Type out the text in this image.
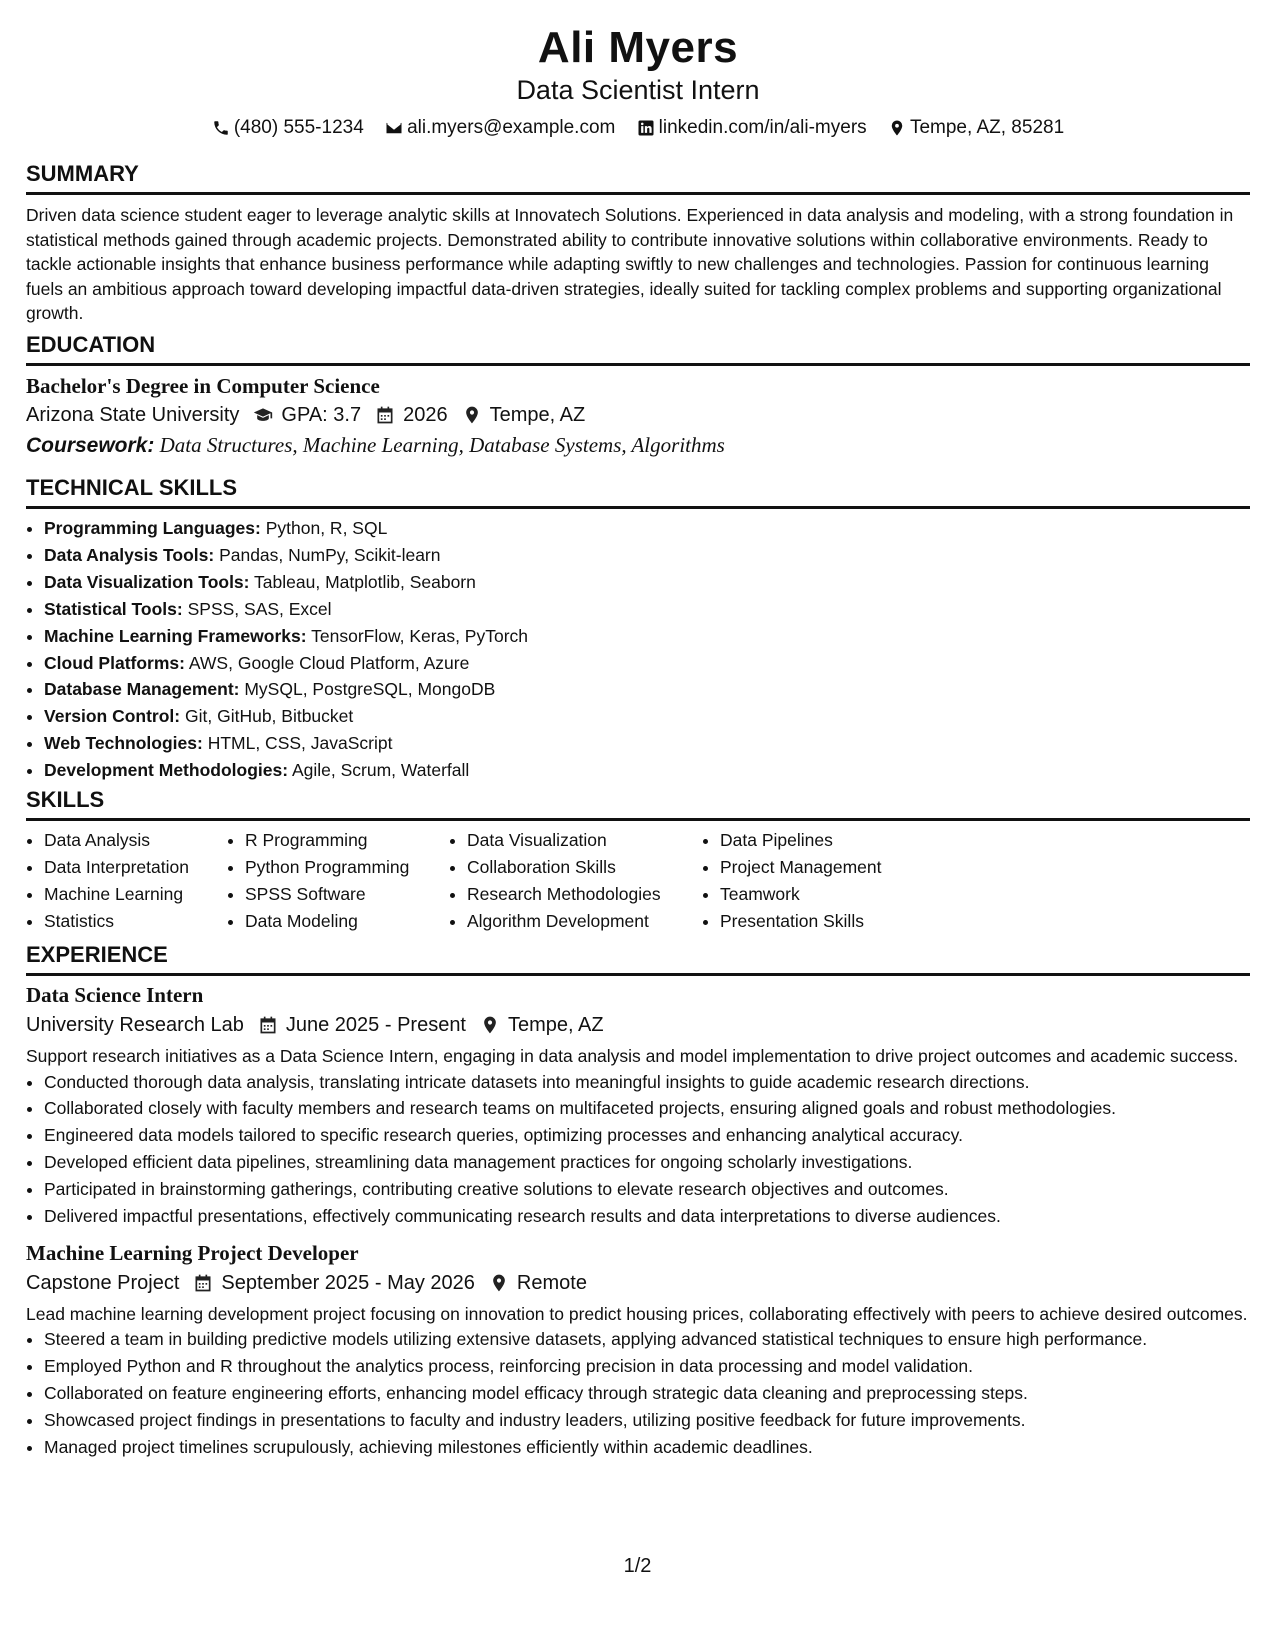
Ali Myers
Data Scientist Intern
(480) 555-1234
ali.myers@example.com
linkedin.com/in/ali-myers
Tempe, AZ, 85281
SUMMARY
Driven data science student eager to leverage analytic skills at Innovatech Solutions. Experienced in data analysis and modeling, with a strong foundation in statistical methods gained through academic projects. Demonstrated ability to contribute innovative solutions within collaborative environments. Ready to tackle actionable insights that enhance business performance while adapting swiftly to new challenges and technologies. Passion for continuous learning fuels an ambitious approach toward developing impactful data-driven strategies, ideally suited for tackling complex problems and supporting organizational growth.
EDUCATION
Bachelor's Degree in Computer Science
Arizona State University GPA: 3.7 2026 Tempe, AZ
Coursework: Data Structures, Machine Learning, Database Systems, Algorithms
TECHNICAL SKILLS
• Programming Languages: Python, R, SQL
• Data Analysis Tools: Pandas, NumPy, Scikit-learn
• Data Visualization Tools: Tableau, Matplotlib, Seaborn
• Statistical Tools: SPSS, SAS, Excel
• Machine Learning Frameworks: TensorFlow, Keras, PyTorch
• Cloud Platforms: AWS, Google Cloud Platform, Azure
• Database Management: MySQL, PostgreSQL, MongoDB
• Version Control: Git, GitHub, Bitbucket
• Web Technologies: HTML, CSS, JavaScript
• Development Methodologies: Agile, Scrum, Waterfall
SKILLS
• Data Analysis
• Data Interpretation
• Machine Learning
• Statistics
• R Programming
• Python Programming
• SPSS Software
• Data Modeling
• Data Visualization
• Collaboration Skills
• Research Methodologies
• Algorithm Development
• Data Pipelines
• Project Management
• Teamwork
• Presentation Skills
EXPERIENCE
Data Science Intern
University Research Lab June 2025 - Present Tempe, AZ
Support research initiatives as a Data Science Intern, engaging in data analysis and model implementation to drive project outcomes and academic success.
• Conducted thorough data analysis, translating intricate datasets into meaningful insights to guide academic research directions.
• Collaborated closely with faculty members and research teams on multifaceted projects, ensuring aligned goals and robust methodologies.
• Engineered data models tailored to specific research queries, optimizing processes and enhancing analytical accuracy.
• Developed efficient data pipelines, streamlining data management practices for ongoing scholarly investigations.
• Participated in brainstorming gatherings, contributing creative solutions to elevate research objectives and outcomes.
• Delivered impactful presentations, effectively communicating research results and data interpretations to diverse audiences.
Machine Learning Project Developer
Capstone Project September 2025 - May 2026 Remote
Lead machine learning development project focusing on innovation to predict housing prices, collaborating effectively with peers to achieve desired outcomes.
• Steered a team in building predictive models utilizing extensive datasets, applying advanced statistical techniques to ensure high performance.
• Employed Python and R throughout the analytics process, reinforcing precision in data processing and model validation.
• Collaborated on feature engineering efforts, enhancing model efficacy through strategic data cleaning and preprocessing steps.
• Showcased project findings in presentations to faculty and industry leaders, utilizing positive feedback for future improvements.
• Managed project timelines scrupulously, achieving milestones efficiently within academic deadlines.
1/2
